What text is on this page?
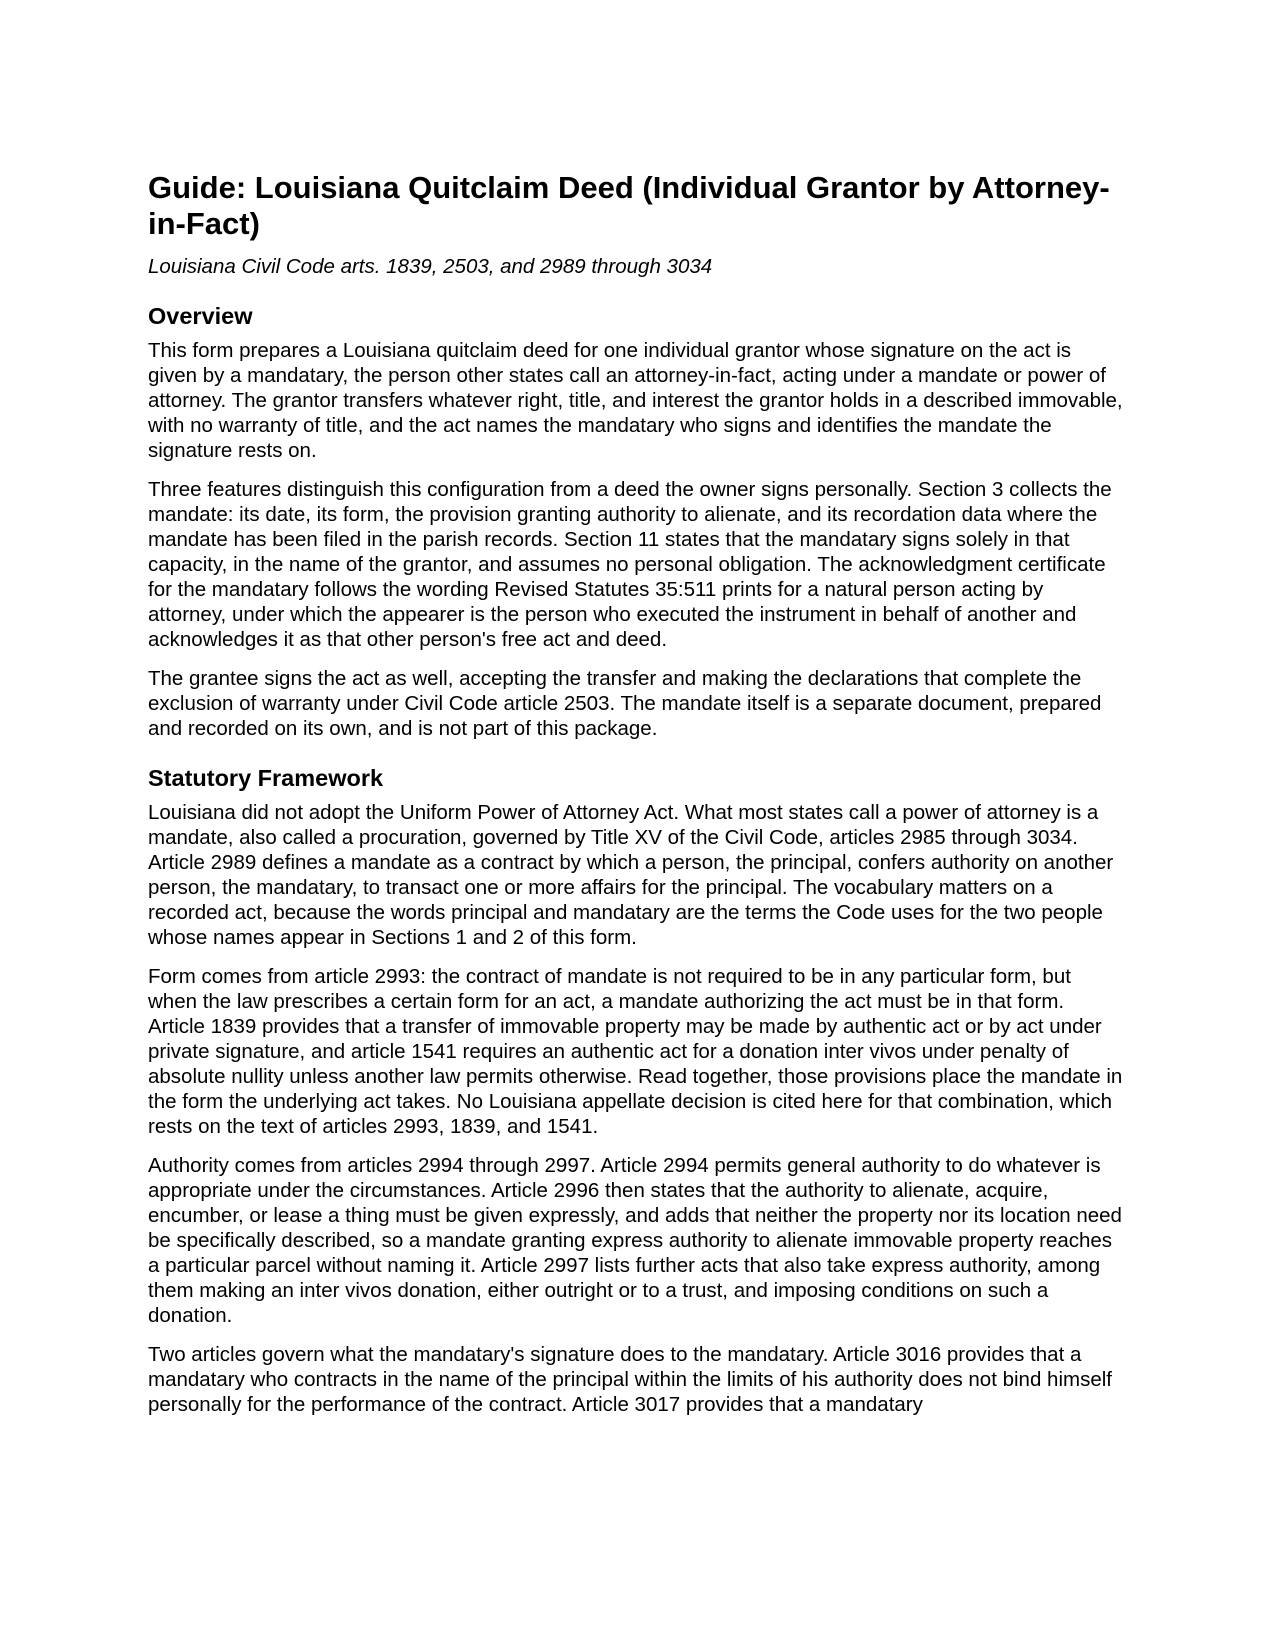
Guide: Louisiana Quitclaim Deed (Individual Grantor by Attorney-in-Fact)

Louisiana Civil Code arts. 1839, 2503, and 2989 through 3034

Overview

This form prepares a Louisiana quitclaim deed for one individual grantor whose signature on the act is given by a mandatary, the person other states call an attorney-in-fact, acting under a mandate or power of attorney. The grantor transfers whatever right, title, and interest the grantor holds in a described immovable, with no warranty of title, and the act names the mandatary who signs and identifies the mandate the signature rests on.

Three features distinguish this configuration from a deed the owner signs personally. Section 3 collects the mandate: its date, its form, the provision granting authority to alienate, and its recordation data where the mandate has been filed in the parish records. Section 11 states that the mandatary signs solely in that capacity, in the name of the grantor, and assumes no personal obligation. The acknowledgment certificate for the mandatary follows the wording Revised Statutes 35:511 prints for a natural person acting by attorney, under which the appearer is the person who executed the instrument in behalf of another and acknowledges it as that other person's free act and deed.

The grantee signs the act as well, accepting the transfer and making the declarations that complete the exclusion of warranty under Civil Code article 2503. The mandate itself is a separate document, prepared and recorded on its own, and is not part of this package.

Statutory Framework

Louisiana did not adopt the Uniform Power of Attorney Act. What most states call a power of attorney is a mandate, also called a procuration, governed by Title XV of the Civil Code, articles 2985 through 3034. Article 2989 defines a mandate as a contract by which a person, the principal, confers authority on another person, the mandatary, to transact one or more affairs for the principal. The vocabulary matters on a recorded act, because the words principal and mandatary are the terms the Code uses for the two people whose names appear in Sections 1 and 2 of this form.

Form comes from article 2993: the contract of mandate is not required to be in any particular form, but when the law prescribes a certain form for an act, a mandate authorizing the act must be in that form. Article 1839 provides that a transfer of immovable property may be made by authentic act or by act under private signature, and article 1541 requires an authentic act for a donation inter vivos under penalty of absolute nullity unless another law permits otherwise. Read together, those provisions place the mandate in the form the underlying act takes. No Louisiana appellate decision is cited here for that combination, which rests on the text of articles 2993, 1839, and 1541.

Authority comes from articles 2994 through 2997. Article 2994 permits general authority to do whatever is appropriate under the circumstances. Article 2996 then states that the authority to alienate, acquire, encumber, or lease a thing must be given expressly, and adds that neither the property nor its location need be specifically described, so a mandate granting express authority to alienate immovable property reaches a particular parcel without naming it. Article 2997 lists further acts that also take express authority, among them making an inter vivos donation, either outright or to a trust, and imposing conditions on such a donation.

Two articles govern what the mandatary's signature does to the mandatary. Article 3016 provides that a mandatary who contracts in the name of the principal within the limits of his authority does not bind himself personally for the performance of the contract. Article 3017 provides that a mandatary
